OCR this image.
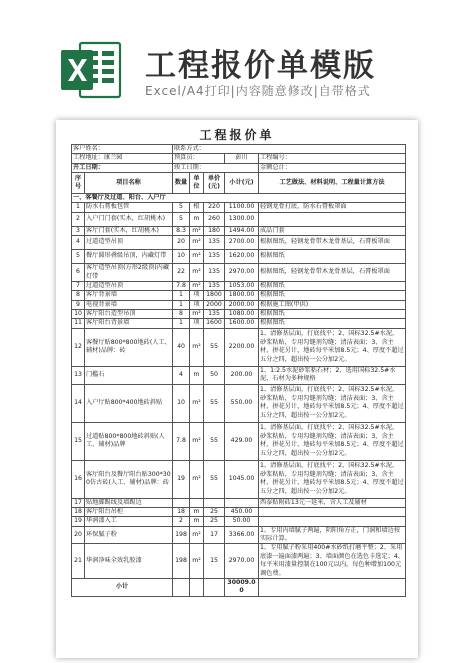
工程报价单模版
Excel/A4打印|内容随意修改|自带格式
工程报价单
客户姓名：		联系方式：				
工程地址：康兰园		预算员：			彭川	工程编号：
开工日期：		竣工日期：				金额总计：
序号	项目名称	数量	单位	单价(元)	小计(元)	工艺做法、材料说明、工程量计算方法
一、客餐厅及过道、阳台、入户厅						
1	防水石膏板包管	5	根	220	1100.00	轻钢龙骨打底，防水石膏板罩面
2	入户门门套(实木，红胡桃木)	5	m	260	1300.00	
3	客厅门套(实木，红胡桃木)	8.3	m²	180	1494.00	成品门套
4	过道造型吊顶	20	m²	135	2700.00	根据图纸，轻钢龙骨带木龙骨基层，石膏板罩面
5	餐厅圆形叠级吊顶，内藏灯带	10	m²	135	1620.00	根据图纸
6	客厅造型吊顶(方形2级顶)内藏灯带	22	m²	135	2970.00	根据图纸，轻钢龙骨带木龙骨基层，石膏板罩面
7	过道造型吊顶	7.8	m²	135	1053.00	根据图纸
8	客厅背景墙	1	项	1800	1800.00	根据图纸
9	电视背景墙	1	项	2000	2000.00	根据施工图(甲供)
10	客厅阳台造型吊顶	8	m²	135	1080.00	根据图纸
11	客厅阳台背景墙	1	项	1600	1600.00	根据图纸
12	客餐厅贴800*800地砖(人工、辅材)品牌：砖	40	m²	55	2200.00	1、清修基层面，打底找平；2、国标32.5#水泥，砂浆粘贴，专用勾缝剂勾缝；清洁表面；3、含主材，拼花另计，地砖每平米加8.5元；4、厚度不超过五分之四，超出按一公分加2元。
13	门槛石	4	m	50	200.00	1、1:2.5水泥砂浆粘石材；2、选用国标32.5#水泥，石材为多种规格
14	入户厅贴800*400地砖斜贴	10	m²	55	550.00	1、清修基层面，打底找平；2、国标32.5#水泥，砂浆粘贴，专用勾缝剂勾缝；清洁表面；3、含主材，拼花另计，地砖每平米加8.5元；4、厚度不超过五分之四，超出按一公分加2元。
15	过道贴800*800地砖斜贴(人工、辅材)品牌	7.8	m²	55	429.00	1、清修基层面，打底找平；2、国标32.5#水泥，砂浆粘贴，专用勾缝剂勾缝；清洁表面；3、含主材，拼花另计，地砖每平米加8.5元；4、厚度不超过五分之四，超出按一公分加2元。
16	客厅阳台及餐厅阳台贴300*300仿古砖(人工、辅材)品牌：砖	19	m²	55	1045.00	1、清修基层面，打底找平；2、国标32.5#水泥，砂浆粘贴，专用勾缝剂勾缝；清洁表面；3、含主材，拼花另计，地砖每平米加8.5元；4、厚度不超过五分之四，超出按一公分加2元。
17	贴地脚踢线及墙踢边					西泰贴附砖13元一延米，含人工及辅材
18	客厅阳台吊柜	18	m	25	450.00	
19	华润漆入工	2	m	25	50.00	
20	环保腻子粉	198	m²	17	3366.00	1、专用内墙腻子两遍，阴阳角方正，门洞和墙边按实际计算。
21	华润净味全效乳胶漆	198	m²	15	2970.00	1、专用腻子粉采用400#水砂纸打磨平整；2、采用底漆一遍面漆两遍；3、墙面颜色在选色卡选定；4、每平米用漆量控制在100元以内，每色种增加100元调色费。
小计					30009.00	
